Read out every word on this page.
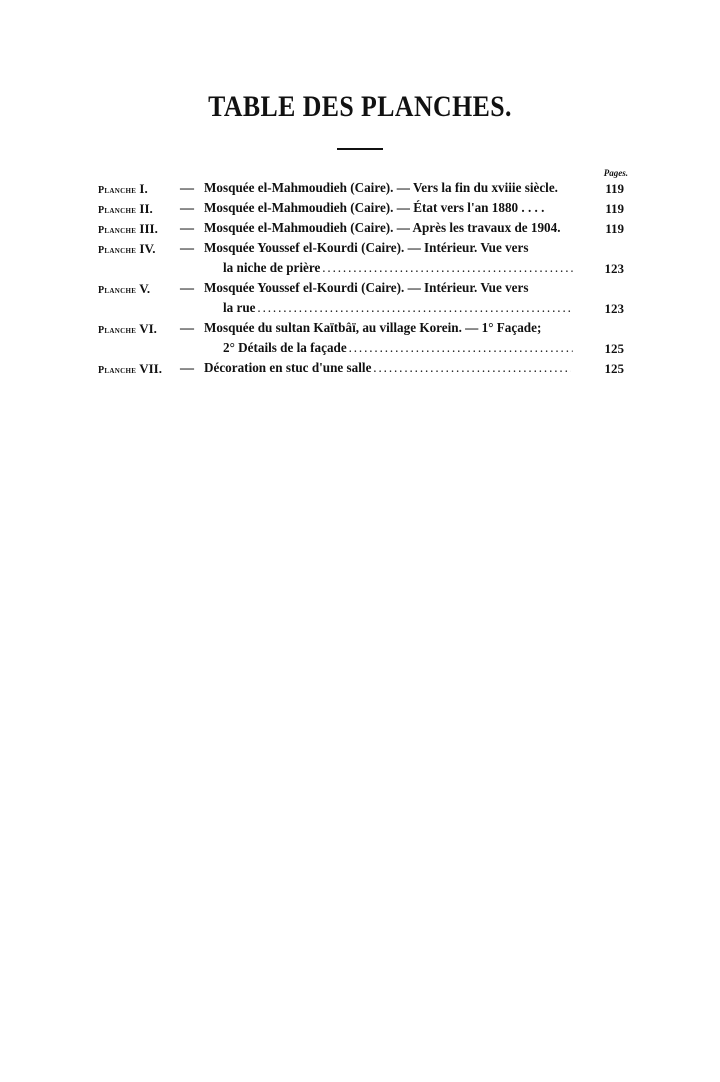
TABLE DES PLANCHES.
Pages.
Planche I.	— Mosquée el-Mahmoudieh (Caire). — Vers la fin du xviiie siècle.	119
Planche II.	— Mosquée el-Mahmoudieh (Caire). — État vers l'an 1880 . . . .	119
Planche III.	— Mosquée el-Mahmoudieh (Caire). — Après les travaux de 1904.	119
Planche IV.	— Mosquée Youssef el-Kourdi (Caire). — Intérieur. Vue vers
la niche de prière .....	123
Planche V.	— Mosquée Youssef el-Kourdi (Caire). — Intérieur. Vue vers
la rue .....	123
Planche VI.	— Mosquée du sultan Kaïtbâï, au village Korein. — 1° Façade;
2° Détails de la façade .....	125
Planche VII.	— Décoration en stuc d'une salle .....	125
